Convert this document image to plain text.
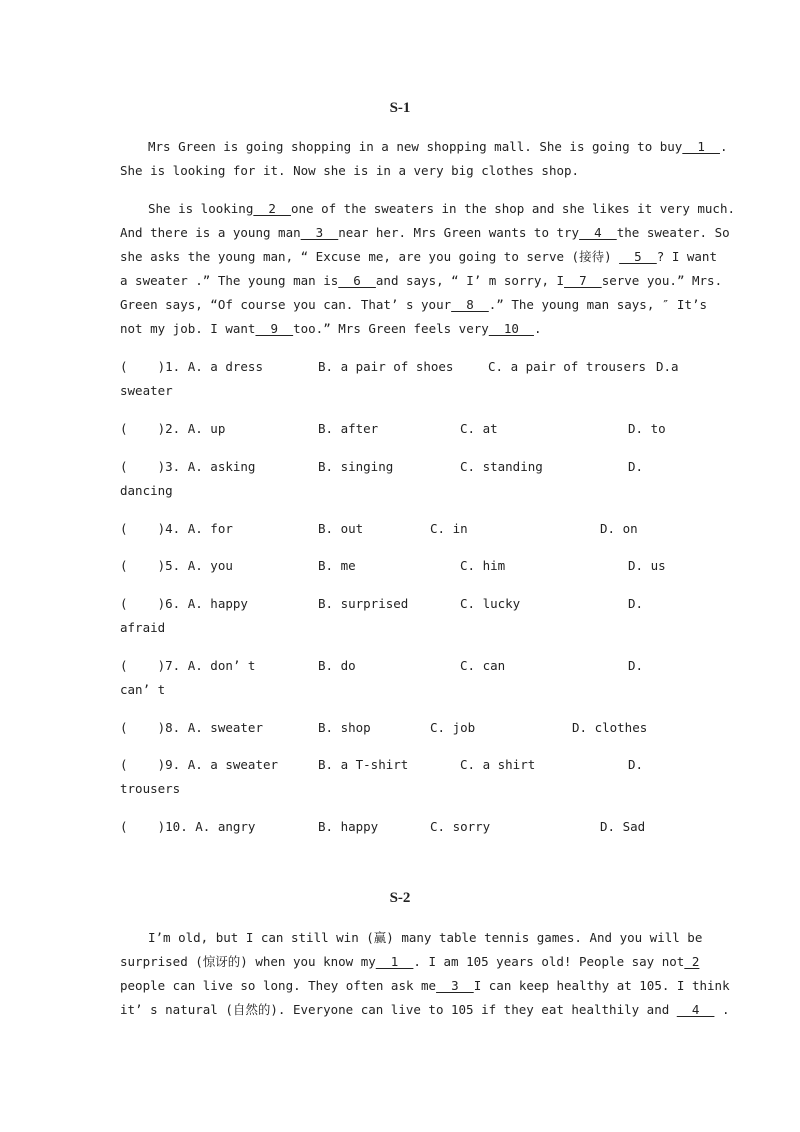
S-1
Mrs Green is going shopping in a new shopping mall. She is going to buy  1  .
She is looking for it. Now she is in a very big clothes shop.
She is looking  2  one of the sweaters in the shop and she likes it very much.
And there is a young man  3  near her. Mrs Green wants to try  4  the sweater. So
she asks the young man, “ Excuse me, are you going to serve (接待)   5  ? I want
a sweater .” The young man is  6  and says, “ I’ m sorry, I  7  serve you.” Mrs.
Green says, “Of course you can. That’ s your  8  .” The young man says, ″ It’s
not my job. I want  9  too.” Mrs Green feels very  10  .
(    )1. A. a dress	B. a pair of shoes	C. a pair of trousers D.a
sweater
(    )2. A. up	B. after	C. at	D. to
(    )3. A. asking	B. singing	C. standing	D.
dancing
(    )4. A. for	B. out	C. in	D. on
(    )5. A. you	B. me	C. him	D. us
(    )6. A. happy	B. surprised	C. lucky	D.
afraid
(    )7. A. don’ t	B. do	C. can	D.
can’ t
(    )8. A. sweater	B. shop	C. job	D. clothes
(    )9. A. a sweater	B. a T-shirt	C. a shirt	D.
trousers
(    )10. A. angry	B. happy	C. sorry	D. Sad
S-2
I’m old, but I can still win (赢) many table tennis games. And you will be
surprised (惊讶的) when you know my  1  . I am 105 years old! People say not 2
people can live so long. They often ask me  3  I can keep healthy at 105. I think
it’ s natural (自然的). Everyone can live to 105 if they eat healthily and   4   .
